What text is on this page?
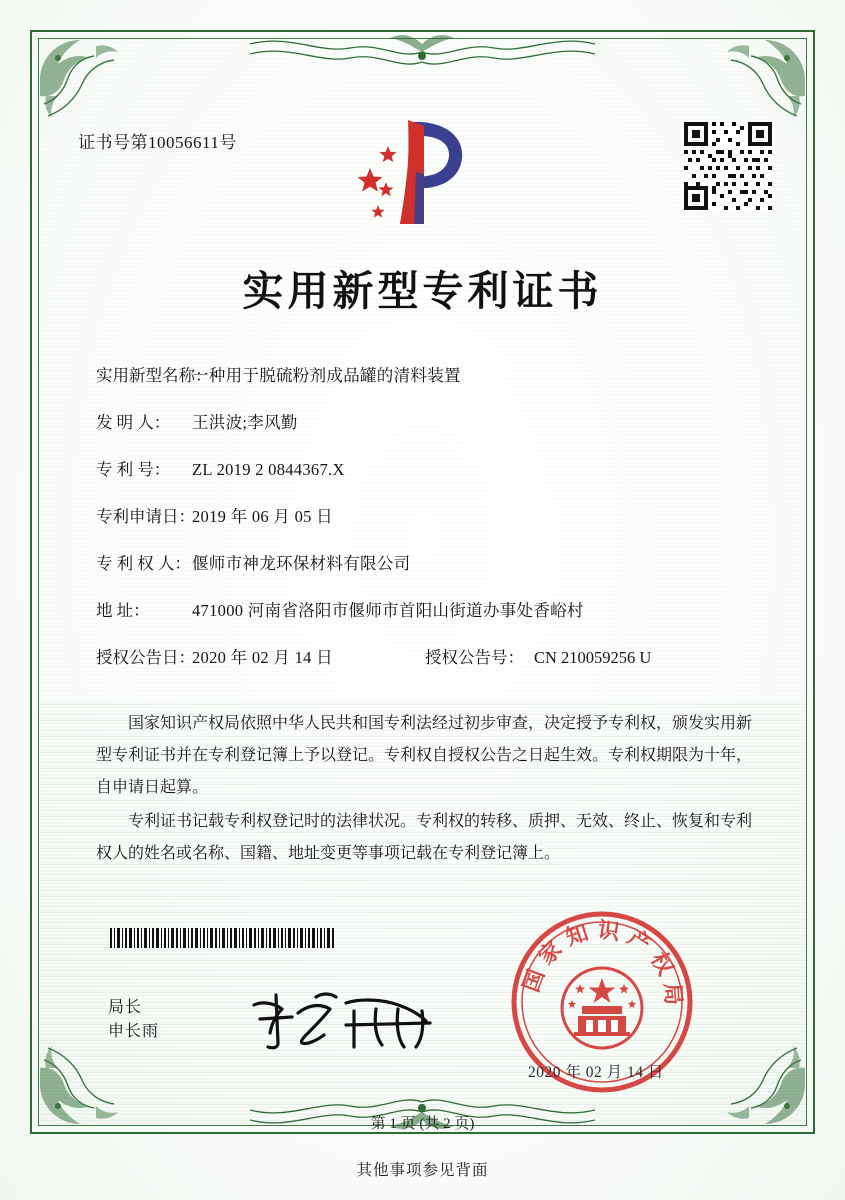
证书号第10056611号
实用新型专利证书
实用新型名称：
一种用于脱硫粉剂成品罐的清料装置
发 明 人：	王洪波;李风勤
专 利 号：	ZL 2019 2 0844367.X
专利申请日：
2019 年 06 月 05 日
专 利 权 人： 偃师市神龙环保材料有限公司
地 址：	471000 河南省洛阳市偃师市首阳山街道办事处香峪村
授权公告日：
2020 年 02 月 14 日	授权公告号： CN 210059256 U

国家知识产权局依照中华人民共和国专利法经过初步审查，决定授予专利权，颁发实用新型专利证书并在专利登记簿上予以登记。专利权自授权公告之日起生效。专利权期限为十年，自申请日起算。

专利证书记载专利权登记时的法律状况。专利权的转移、质押、无效、终止、恢复和专利权人的姓名或名称、国籍、地址变更等事项记载在专利登记簿上。

局长
申长雨
国家知识产权局
2020 年 02 月 14 日
第 1 页 (共 2 页)
其他事项参见背面
